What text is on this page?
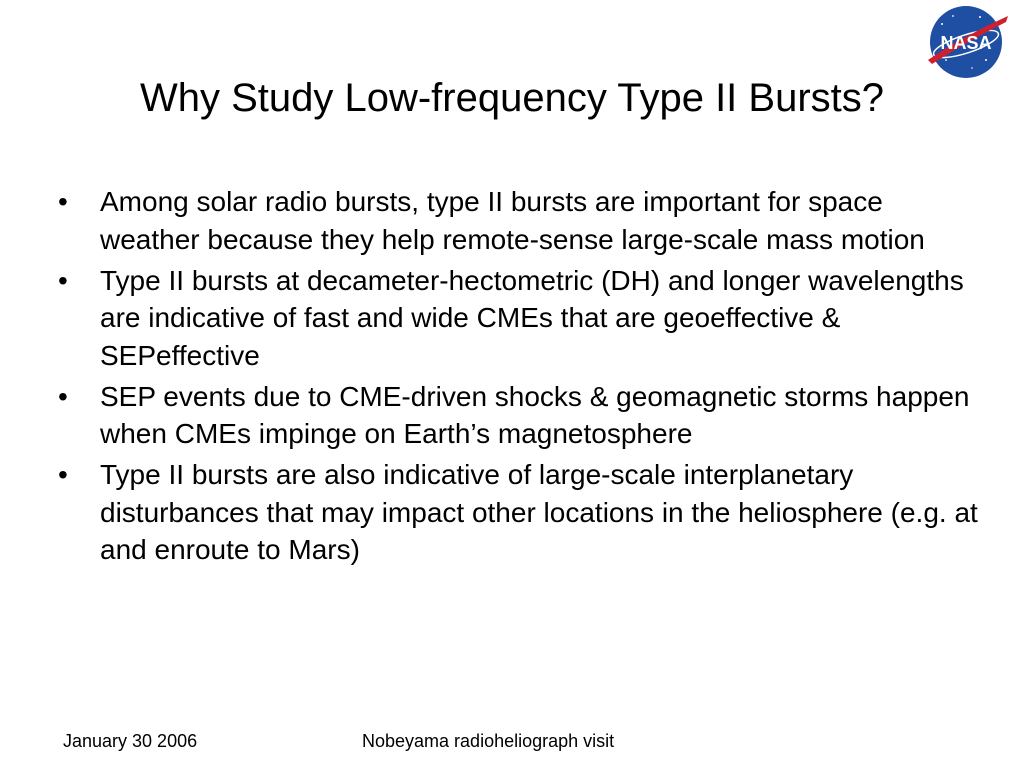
NASA
Why Study Low-frequency Type II Bursts?
•	Among solar radio bursts, type II bursts are important for space weather because they help remote-sense large-scale mass motion
•	Type II bursts at decameter-hectometric (DH) and longer wavelengths are indicative of fast and wide CMEs that are geoeffective & SEPeffective
•	SEP events due to CME-driven shocks & geomagnetic storms happen when CMEs impinge on Earth’s magnetosphere
•	Type II bursts are also indicative of large-scale interplanetary disturbances that may impact other locations in the heliosphere (e.g. at and enroute to Mars)
January 30 2006	Nobeyama radioheliograph visit
